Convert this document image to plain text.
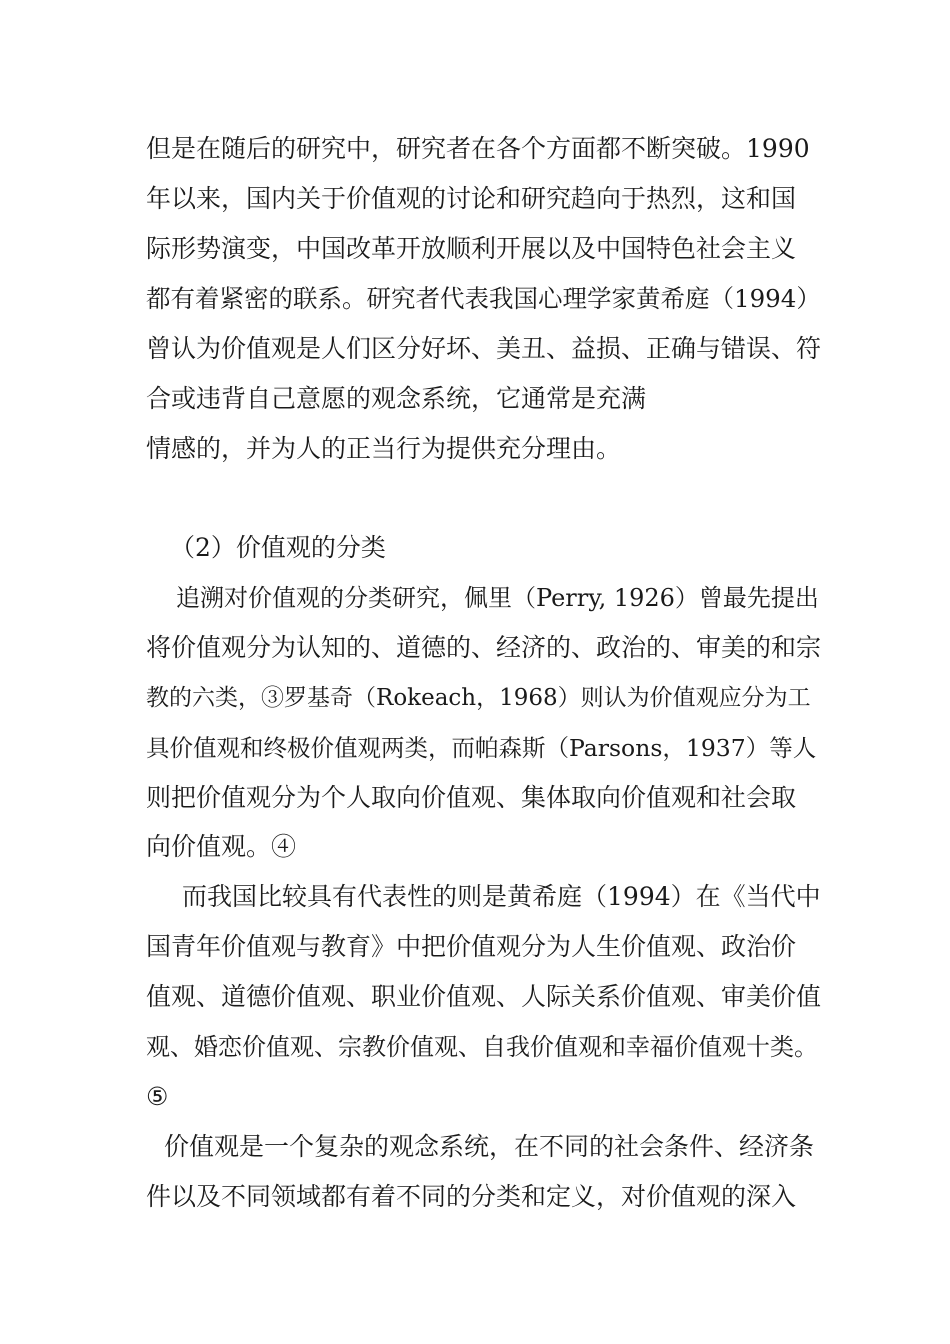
但是在随后的研究中，研究者在各个方面都不断突破。1990
年以来，国内关于价值观的讨论和研究趋向于热烈，这和国
际形势演变，中国改革开放顺利开展以及中国特色社会主义
都有着紧密的联系。研究者代表我国心理学家黄希庭（1994）
曾认为价值观是人们区分好坏、美丑、益损、正确与错误、符
合或违背自己意愿的观念系统，它通常是充满
情感的，并为人的正当行为提供充分理由。
（2）价值观的分类
追溯对价值观的分类研究，佩里（Perry, 1926）曾最先提出
将价值观分为认知的、道德的、经济的、政治的、审美的和宗
教的六类，③罗基奇（Rokeach，1968）则认为价值观应分为工
具价值观和终极价值观两类，而帕森斯（Parsons，1937）等人
则把价值观分为个人取向价值观、集体取向价值观和社会取
向价值观。④
而我国比较具有代表性的则是黄希庭（1994）在《当代中
国青年价值观与教育》中把价值观分为人生价值观、政治价
值观、道德价值观、职业价值观、人际关系价值观、审美价值
观、婚恋价值观、宗教价值观、自我价值观和幸福价值观十类。
⑤
价值观是一个复杂的观念系统，在不同的社会条件、经济条
件以及不同领域都有着不同的分类和定义，对价值观的深入
